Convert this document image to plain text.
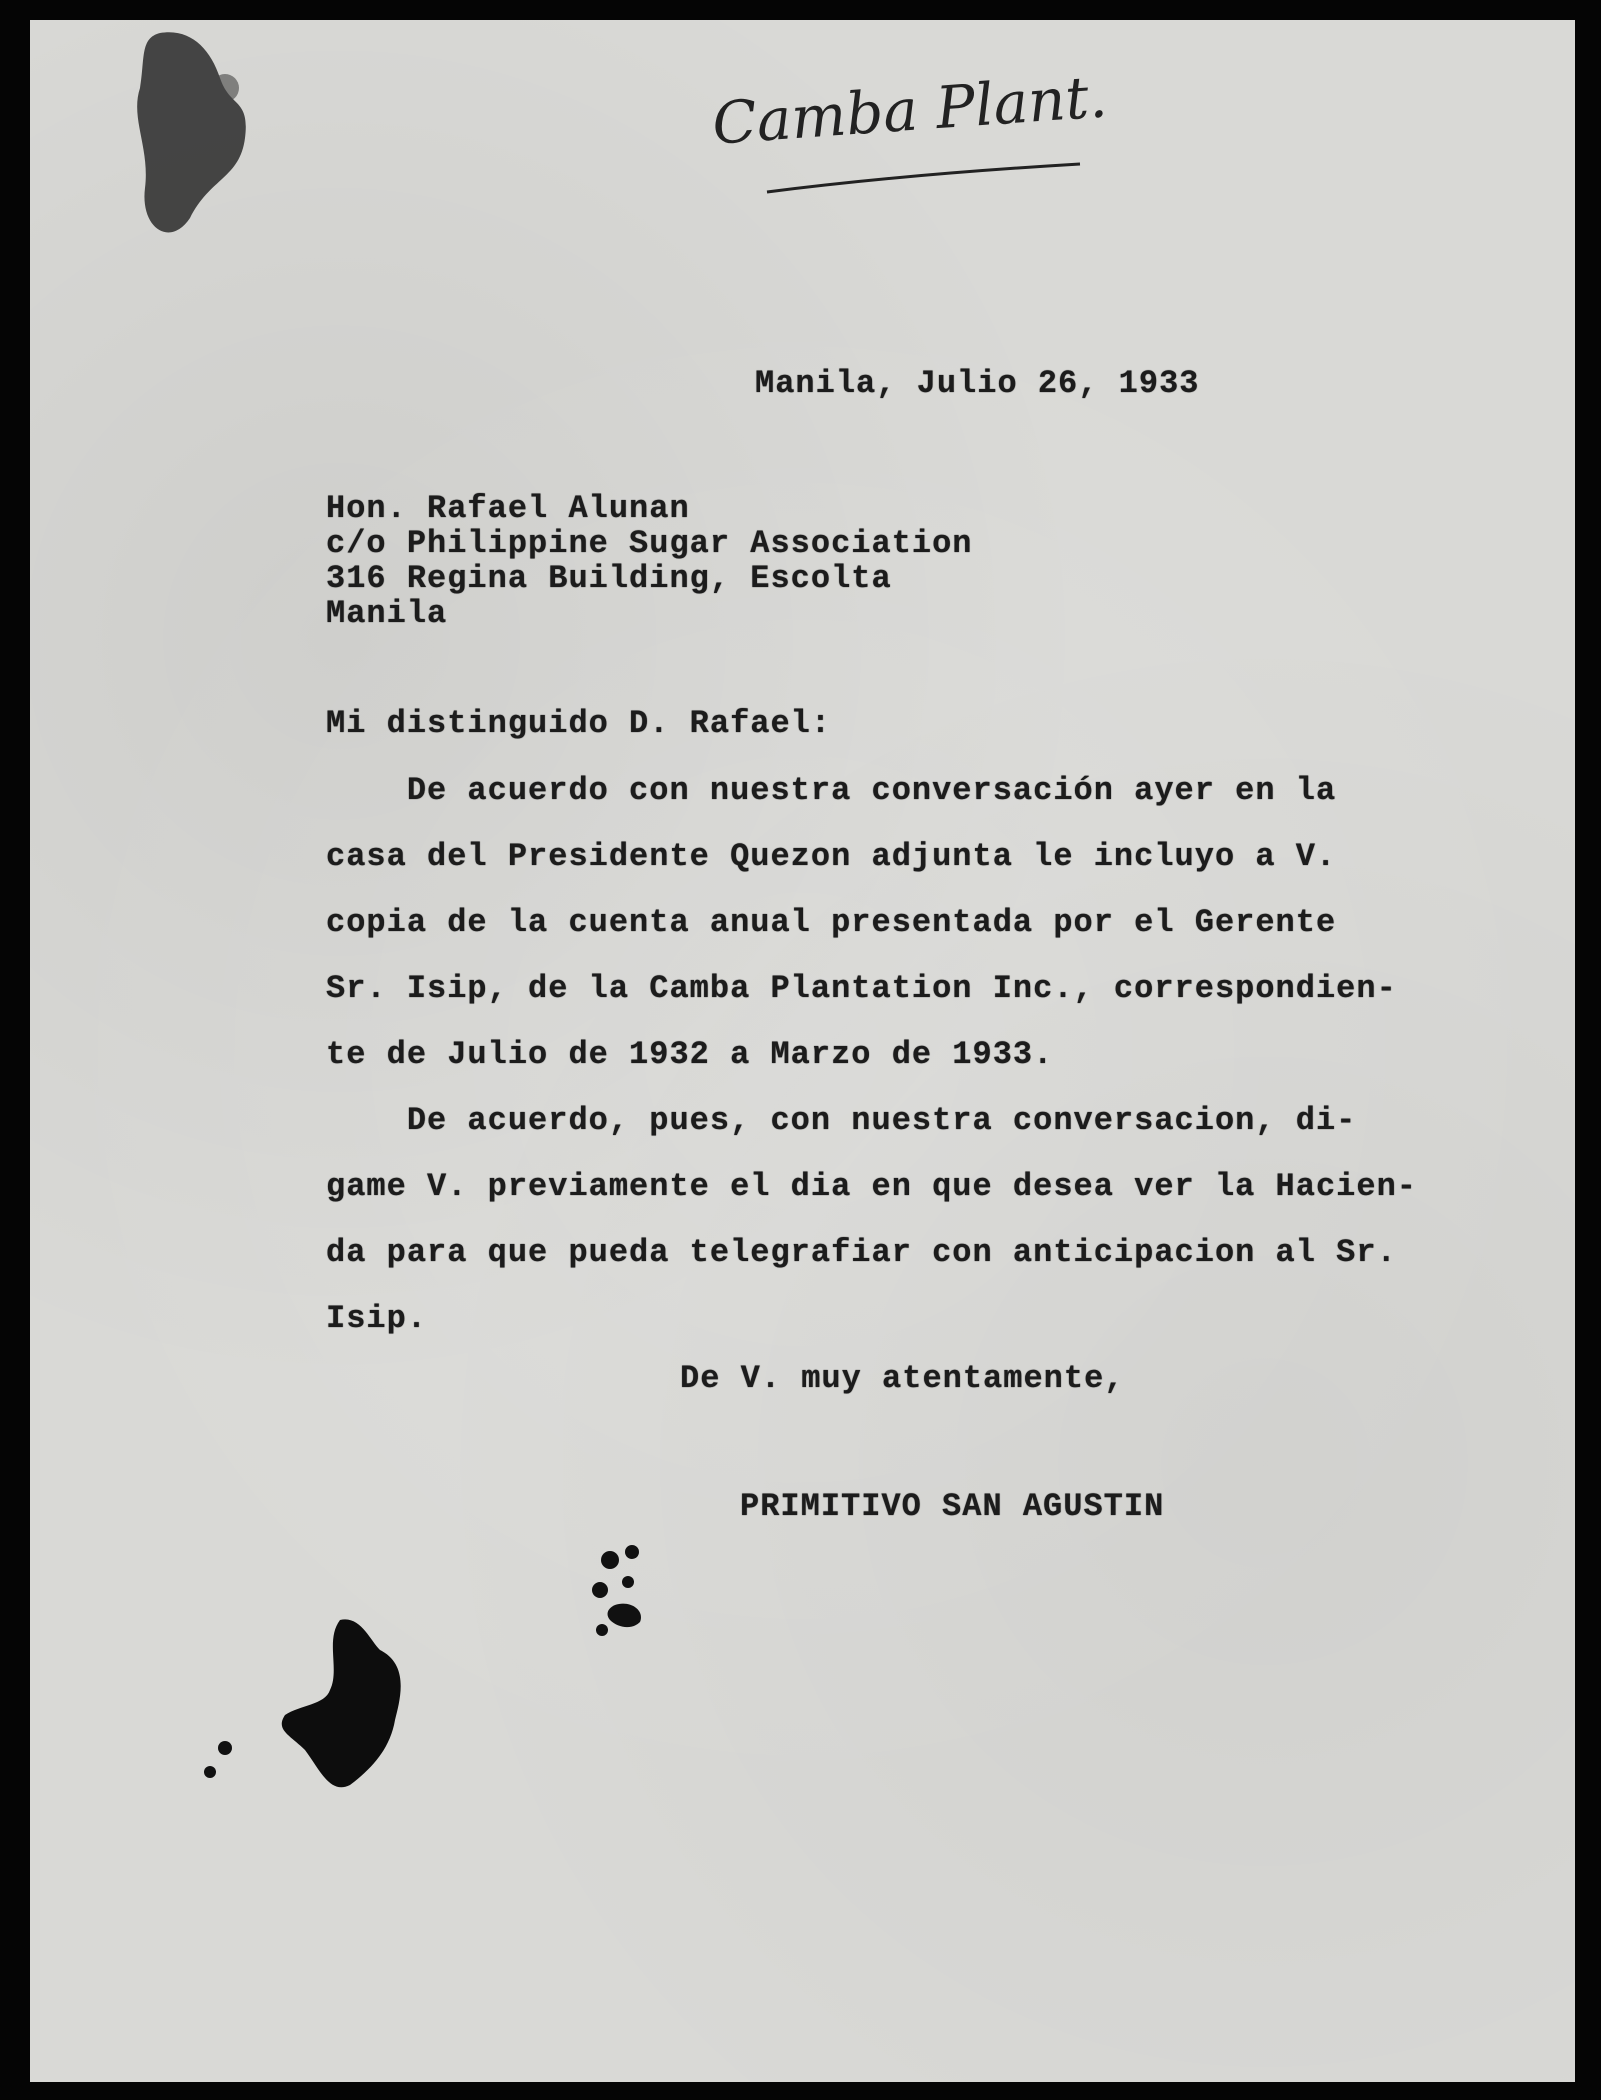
Camba Plant.
Manila, Julio 26, 1933
Hon. Rafael Alunan
c/o Philippine Sugar Association
316 Regina Building, Escolta
Manila
Mi distinguido D. Rafael:
De acuerdo con nuestra conversación ayer en la
casa del Presidente Quezon adjunta le incluyo a V.
copia de la cuenta anual presentada por el Gerente
Sr. Isip, de la Camba Plantation Inc., correspondien-
te de Julio de 1932 a Marzo de 1933.
De acuerdo, pues, con nuestra conversacion, di-
game V. previamente el dia en que desea ver la Hacien-
da para que pueda telegrafiar con anticipacion al Sr.
Isip.
De V. muy atentamente,
PRIMITIVO SAN AGUSTIN
